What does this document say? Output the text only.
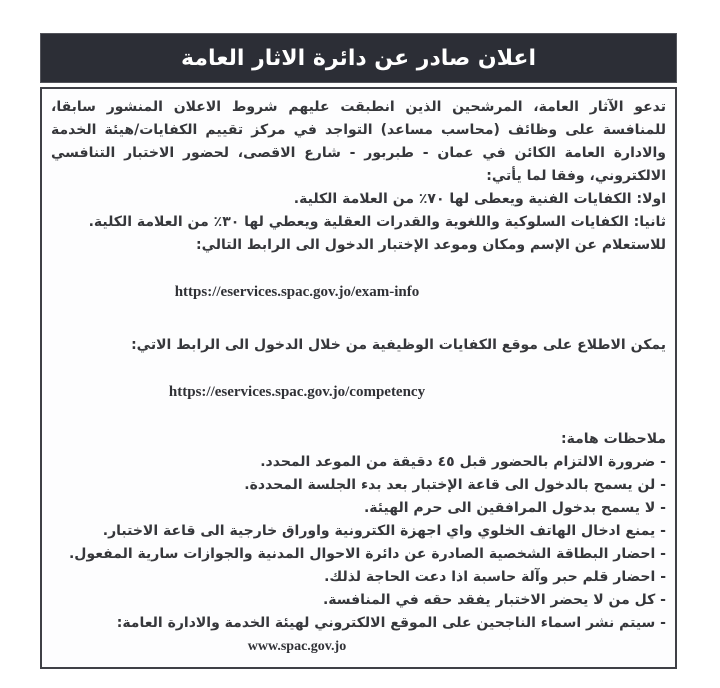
اعلان صادر عن دائرة الاثار العامة
تدعو الآثار العامة، المرشحين الذين انطبقت عليهم شروط الاعلان المنشور سابقا، للمنافسة على وظائف (محاسب مساعد) التواجد في مركز تقييم الكفايات/هيئة الخدمة والادارة العامة الكائن في عمان - طبربور - شارع الاقصى، لحضور الاختبار التنافسي الالكتروني، وفقا لما يأتي:
اولا: الكفايات الفنية ويعطى لها ٧٠٪ من العلامة الكلية.
ثانيا: الكفايات السلوكية واللغوية والقدرات العقلية ويعطي لها ٣٠٪ من العلامة الكلية.
للاستعلام عن الإسم ومكان وموعد الإختبار الدخول الى الرابط التالي:
https://eservices.spac.gov.jo/exam-info
يمكن الاطلاع على موقع الكفايات الوظيفية من خلال الدخول الى الرابط الاتي:
https://eservices.spac.gov.jo/competency
ملاحظات هامة:
- ضرورة الالتزام بالحضور قبل ٤٥ دقيقة من الموعد المحدد.
- لن يسمح بالدخول الى قاعة الإختبار بعد بدء الجلسة المحددة.
- لا يسمح بدخول المرافقين الى حرم الهيئة.
- يمنع ادخال الهاتف الخلوي واي اجهزة الكترونية واوراق خارجية الى قاعة الاختبار.
- احضار البطاقة الشخصية الصادرة عن دائرة الاحوال المدنية والجوازات سارية المفعول.
- احضار قلم حبر وآلة حاسبة اذا دعت الحاجة لذلك.
- كل من لا يحضر الاختبار يفقد حقه في المنافسة.
- سيتم نشر اسماء الناجحين على الموقع الالكتروني لهيئة الخدمة والادارة العامة:
www.spac.gov.jo
